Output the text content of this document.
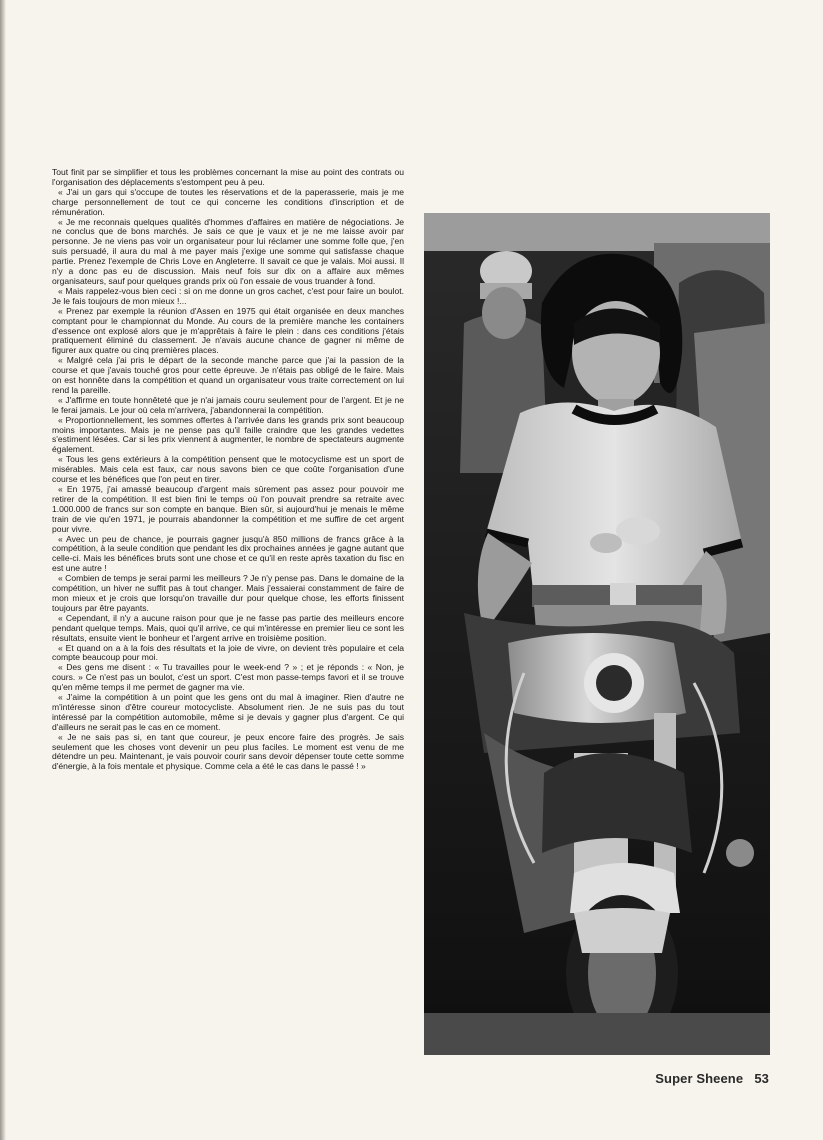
Tout finit par se simplifier et tous les problèmes concernant la mise au point des contrats ou l'organisation des déplacements s'estompent peu à peu.

« J'ai un gars qui s'occupe de toutes les réservations et de la paperasserie, mais je me charge personnellement de tout ce qui concerne les conditions d'inscription et de rémunération.

« Je me reconnais quelques qualités d'hommes d'affaires en matière de négociations. Je ne conclus que de bons marchés. Je sais ce que je vaux et je ne me laisse avoir par personne. Je ne viens pas voir un organisateur pour lui réclamer une somme folle que, j'en suis persuadé, il aura du mal à me payer mais j'exige une somme qui satisfasse chaque partie. Prenez l'exemple de Chris Love en Angleterre. Il savait ce que je valais. Moi aussi. Il n'y a donc pas eu de discussion. Mais neuf fois sur dix on a affaire aux mêmes organisateurs, sauf pour quelques grands prix où l'on essaie de vous truander à fond.

« Mais rappelez-vous bien ceci : si on me donne un gros cachet, c'est pour faire un boulot. Je le fais toujours de mon mieux !...

« Prenez par exemple la réunion d'Assen en 1975 qui était organisée en deux manches comptant pour le championnat du Monde. Au cours de la première manche les containers d'essence ont explosé alors que je m'apprêtais à faire le plein : dans ces conditions j'étais pratiquement éliminé du classement. Je n'avais aucune chance de gagner ni même de figurer aux quatre ou cinq premières places.

« Malgré cela j'ai pris le départ de la seconde manche parce que j'ai la passion de la course et que j'avais touché gros pour cette épreuve. Je n'étais pas obligé de le faire. Mais on est honnête dans la compétition et quand un organisateur vous traite correctement on lui rend la pareille.

« J'affirme en toute honnêteté que je n'ai jamais couru seulement pour de l'argent. Et je ne le ferai jamais. Le jour où cela m'arrivera, j'abandonnerai la compétition.

« Proportionnellement, les sommes offertes à l'arrivée dans les grands prix sont beaucoup moins importantes. Mais je ne pense pas qu'il faille craindre que les grandes vedettes s'estiment lésées. Car si les prix viennent à augmenter, le nombre de spectateurs augmente également.

« Tous les gens extérieurs à la compétition pensent que le motocyclisme est un sport de misérables. Mais cela est faux, car nous savons bien ce que coûte l'organisation d'une course et les bénéfices que l'on peut en tirer.

« En 1975, j'ai amassé beaucoup d'argent mais sûrement pas assez pour pouvoir me retirer de la compétition. Il est bien fini le temps où l'on pouvait prendre sa retraite avec 1.000.000 de francs sur son compte en banque. Bien sûr, si aujourd'hui je menais le même train de vie qu'en 1971, je pourrais abandonner la compétition et me suffire de cet argent pour vivre.

« Avec un peu de chance, je pourrais gagner jusqu'à 850 millions de francs grâce à la compétition, à la seule condition que pendant les dix prochaines années je gagne autant que celle-ci. Mais les bénéfices bruts sont une chose et ce qu'il en reste après taxation du fisc en est une autre !

« Combien de temps je serai parmi les meilleurs ? Je n'y pense pas. Dans le domaine de la compétition, un hiver ne suffit pas à tout changer. Mais j'essaierai constamment de faire de mon mieux et je crois que lorsqu'on travaille dur pour quelque chose, les efforts finissent toujours par être payants.

« Cependant, il n'y a aucune raison pour que je ne fasse pas partie des meilleurs encore pendant quelque temps. Mais, quoi qu'il arrive, ce qui m'intéresse en premier lieu ce sont les résultats, ensuite vient le bonheur et l'argent arrive en troisième position.

« Et quand on a à la fois des résultats et la joie de vivre, on devient très populaire et cela compte beaucoup pour moi.

« Des gens me disent : « Tu travailles pour le week-end ? » ; et je réponds : « Non, je cours. » Ce n'est pas un boulot, c'est un sport. C'est mon passe-temps favori et il se trouve qu'en même temps il me permet de gagner ma vie.

« J'aime la compétition à un point que les gens ont du mal à imaginer. Rien d'autre ne m'intéresse sinon d'être coureur motocycliste. Absolument rien. Je ne suis pas du tout intéressé par la compétition automobile, même si je devais y gagner plus d'argent. Ce qui d'ailleurs ne serait pas le cas en ce moment.

« Je ne sais pas si, en tant que coureur, je peux encore faire des progrès. Je sais seulement que les choses vont devenir un peu plus faciles. Le moment est venu de me détendre un peu. Maintenant, je vais pouvoir courir sans devoir dépenser toute cette somme d'énergie, à la fois mentale et physique. Comme cela a été le cas dans le passé ! »

Super Sheene 53
